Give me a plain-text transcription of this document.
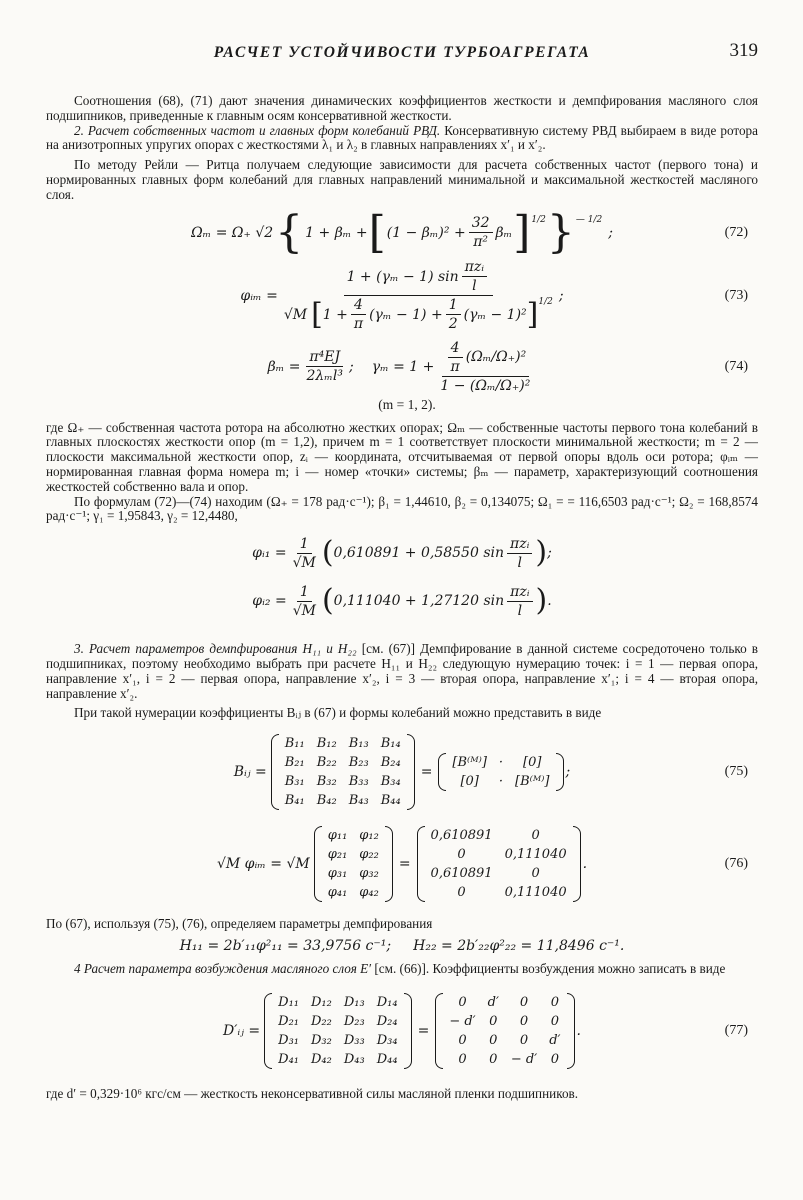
РАСЧЕТ УСТОЙЧИВОСТИ ТУРБОАГРЕГАТА	319

Соотношения (68), (71) дают значения динамических коэффициентов жесткости и демпфирования масляного слоя подшипников, приведенные к главным осям консервативной жесткости.

2. Расчет собственных частот и главных форм колебаний РВД. Консервативную систему РВД выбираем в виде ротора на анизотропных упругих опорах с жесткостями λ₁ и λ₂ в главных направлениях x′₁ и x′₂.

По методу Рейли — Ритца получаем следующие зависимости для расчета собственных частот (первого тона) и нормированных главных форм колебаний для главных направлений минимальной и максимальной жесткостей масляного слоя.

Ωₘ = Ω₊ √2 { 1 + βₘ + [ $(1 - \beta_m)^2 + \frac{32}{\text{π²}}$ βₘ ]$^{1/2}$ }$^{— 1/2}$
;	(72)
φᵢₘ =
1 + (γₘ − 1) $\sin \frac{\text{πzᵢ}}{l}$
√M [ $1 + \frac{4}{\pi} (\gamma_m - 1) + \frac{1}{2} (\gamma_m - 1)^2$ ]$^{1/2}$ ;	(73)
$\beta_m = \frac{\text{π⁴EJ}}{\text{2λₘl³}}$ ; $\gamma_m = 1 + \frac{\frac{4}{\pi} (\Omega_m/\Omega_+)^2}{\text{1 − (Ωₘ/Ω₊)²}}$	(74)
(m = 1, 2).

где Ω₊ — собственная частота ротора на абсолютно жестких опорах; Ωₘ — собственные частоты первого тона колебаний в главных плоскостях жесткости опор (m = 1,2), причем m = 1 соответствует плоскости минимальной жесткости; m = 2 — плоскости максимальной жесткости опор, zᵢ — координата, отсчитываемая от первой опоры вдоль оси ротора; φᵢₘ — нормированная главная форма номера m; i — номер «точки» системы; βₘ — параметр, характеризующий соотношения жесткостей собственно вала и опор.

По формулам (72)—(74) находим (Ω₊ = 178 рад·с⁻¹); β₁ = 1,44610, β₂ = 0,134075; Ω₁ = = 116,6503 рад·с⁻¹; Ω₂ = 168,8574 рад·с⁻¹; γ₁ = 1,95843, γ₂ = 12,4480,

φᵢ₁ = $\frac{1}{√M}$ ( 0,610891 + 0,58550 $\sin \frac{\text{πzᵢ}}{l}$ ) ;
φᵢ₂ = $\frac{1}{√M}$ ( 0,111040 + 1,27120 $\sin \frac{\text{πzᵢ}}{l}$ ) .

3. Расчет параметров демпфирования H₁₁ и H₂₂ [см. (67)] Демпфирование в данной системе сосредоточено только в подшипниках, поэтому необходимо выбрать при расчете H₁₁ и H₂₂ следующую нумерацию точек: i = 1 — первая опора, направление x′₁, i = 2 — первая опора, направление x′₂, i = 3 — вторая опора, направление x′₁; i = 4 — вторая опора, направление x′₂.

При такой нумерации коэффициенты Bᵢⱼ в (67) и формы колебаний можно представить в виде

Bᵢⱼ =
B₁₁	B₁₂	B₁₃	B₁₄
B₂₁	B₂₂	B₂₃	B₂₄
B₃₁	B₃₂	B₃₃	B₃₄
B₄₁	B₄₂	B₄₃	B₄₄
=
[B⁽ᴹ⁾]	·	[0]
[0]	·	[B⁽ᴹ⁾]
;	(75)
√M φᵢₘ = √M
φ₁₁	φ₁₂
φ₂₁	φ₂₂
φ₃₁	φ₃₂
φ₄₁	φ₄₂
=
0,610891	0
0	0,111040
0,610891	0
0	0,111040
.	(76)

По (67), используя (75), (76), определяем параметры демпфирования

H₁₁ = 2b′₁₁φ²₁₁ = 33,9756 c⁻¹; H₂₂ = 2b′₂₂φ²₂₂ = 11,8496 c⁻¹.

4 Расчет параметра возбуждения масляного слоя E′ [см. (66)]. Коэффициенты возбуждения можно записать в виде

D′ᵢⱼ =
D₁₁	D₁₂	D₁₃	D₁₄
D₂₁	D₂₂	D₂₃	D₂₄
D₃₁	D₃₂	D₃₃	D₃₄
D₄₁	D₄₂	D₄₃	D₄₄
=
0	d′	0	0
− d′	0	0	0
0	0	0	d′
0	0	− d′	0
.	(77)

где d′ = 0,329·10⁶ кгс/см — жесткость неконсервативной силы масляной пленки подшипников.
